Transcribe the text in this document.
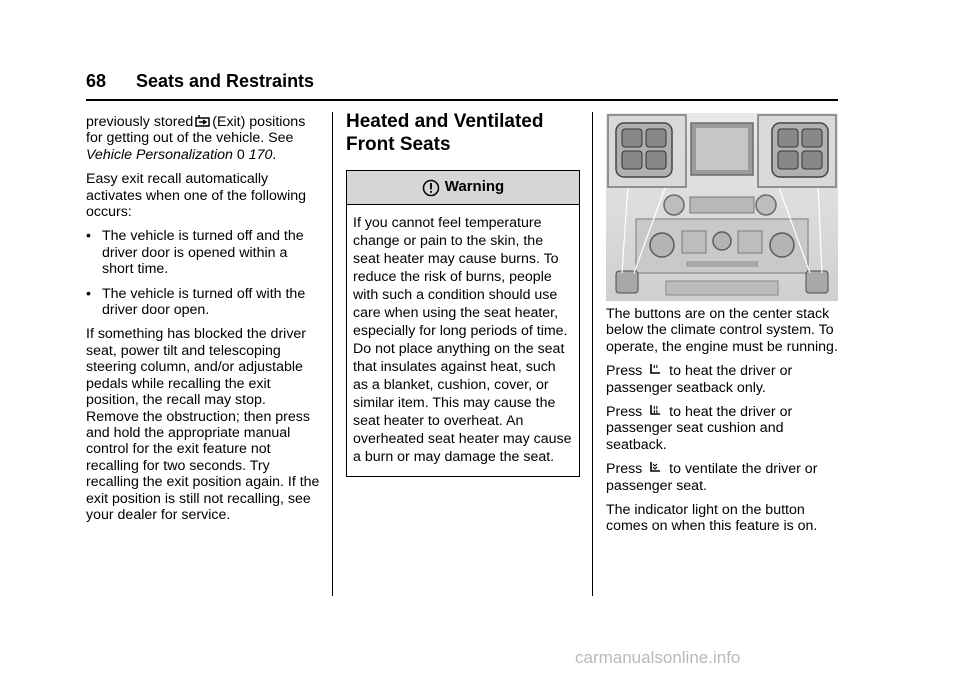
68 Seats and Restraints

previously stored (Exit) positions for getting out of the vehicle. See Vehicle Personalization 0 170.

Easy exit recall automatically activates when one of the following occurs:

• The vehicle is turned off and the driver door is opened within a short time.
• The vehicle is turned off with the driver door open.

If something has blocked the driver seat, power tilt and telescoping steering column, and/or adjustable pedals while recalling the exit position, the recall may stop. Remove the obstruction; then press and hold the appropriate manual control for the exit feature not recalling for two seconds. Try recalling the exit position again. If the exit position is still not recalling, see your dealer for service.

Heated and Ventilated Front Seats
Warning
If you cannot feel temperature change or pain to the skin, the seat heater may cause burns. To reduce the risk of burns, people with such a condition should use care when using the seat heater, especially for long periods of time. Do not place anything on the seat that insulates against heat, such as a blanket, cushion, cover, or similar item. This may cause the seat heater to overheat. An overheated seat heater may cause a burn or may damage the seat.

The buttons are on the center stack below the climate control system. To operate, the engine must be running.

Press to heat the driver or passenger seatback only.

Press to heat the driver or passenger seat cushion and seatback.

Press to ventilate the driver or passenger seat.

The indicator light on the button comes on when this feature is on.

carmanualsonline.info
